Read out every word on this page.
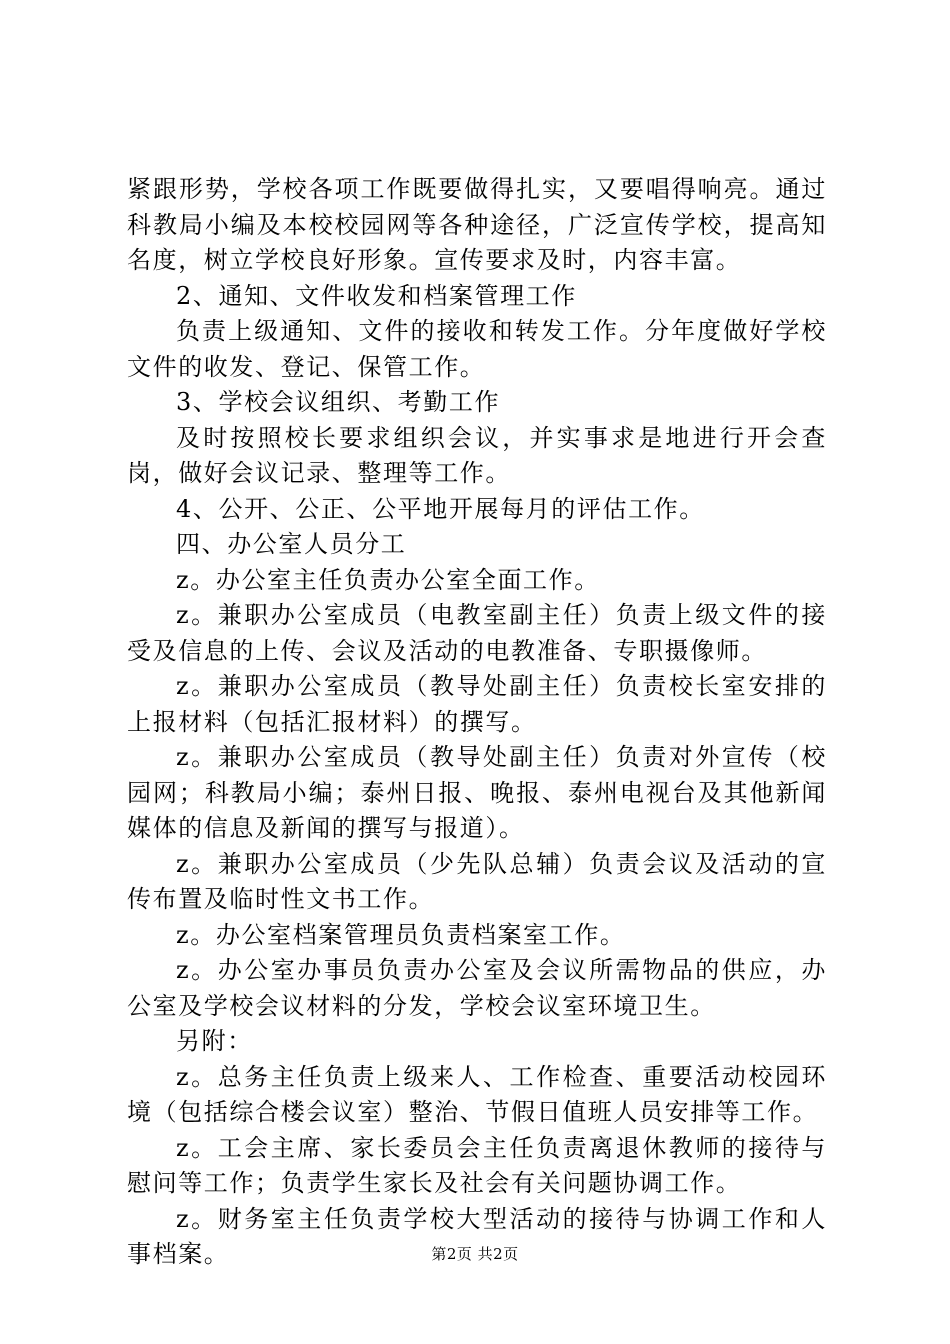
紧跟形势，学校各项工作既要做得扎实，又要唱得响亮。通过科教局小编及本校校园网等各种途径，广泛宣传学校，提高知名度，树立学校良好形象。宣传要求及时，内容丰富。

2、通知、文件收发和档案管理工作

负责上级通知、文件的接收和转发工作。分年度做好学校文件的收发、登记、保管工作。

3、学校会议组织、考勤工作

及时按照校长要求组织会议，并实事求是地进行开会查岗，做好会议记录、整理等工作。

4、公开、公正、公平地开展每月的评估工作。

四、办公室人员分工

z。办公室主任负责办公室全面工作。

z。兼职办公室成员（电教室副主任）负责上级文件的接受及信息的上传、会议及活动的电教准备、专职摄像师。

z。兼职办公室成员（教导处副主任）负责校长室安排的上报材料（包括汇报材料）的撰写。

z。兼职办公室成员（教导处副主任）负责对外宣传（校园网；科教局小编；泰州日报、晚报、泰州电视台及其他新闻媒体的信息及新闻的撰写与报道）。

z。兼职办公室成员（少先队总辅）负责会议及活动的宣传布置及临时性文书工作。

z。办公室档案管理员负责档案室工作。

z。办公室办事员负责办公室及会议所需物品的供应，办公室及学校会议材料的分发，学校会议室环境卫生。

另附：

z。总务主任负责上级来人、工作检查、重要活动校园环境（包括综合楼会议室）整治、节假日值班人员安排等工作。

z。工会主席、家长委员会主任负责离退休教师的接待与慰问等工作；负责学生家长及社会有关问题协调工作。

z。财务室主任负责学校大型活动的接待与协调工作和人事档案。	第2页 共2页
